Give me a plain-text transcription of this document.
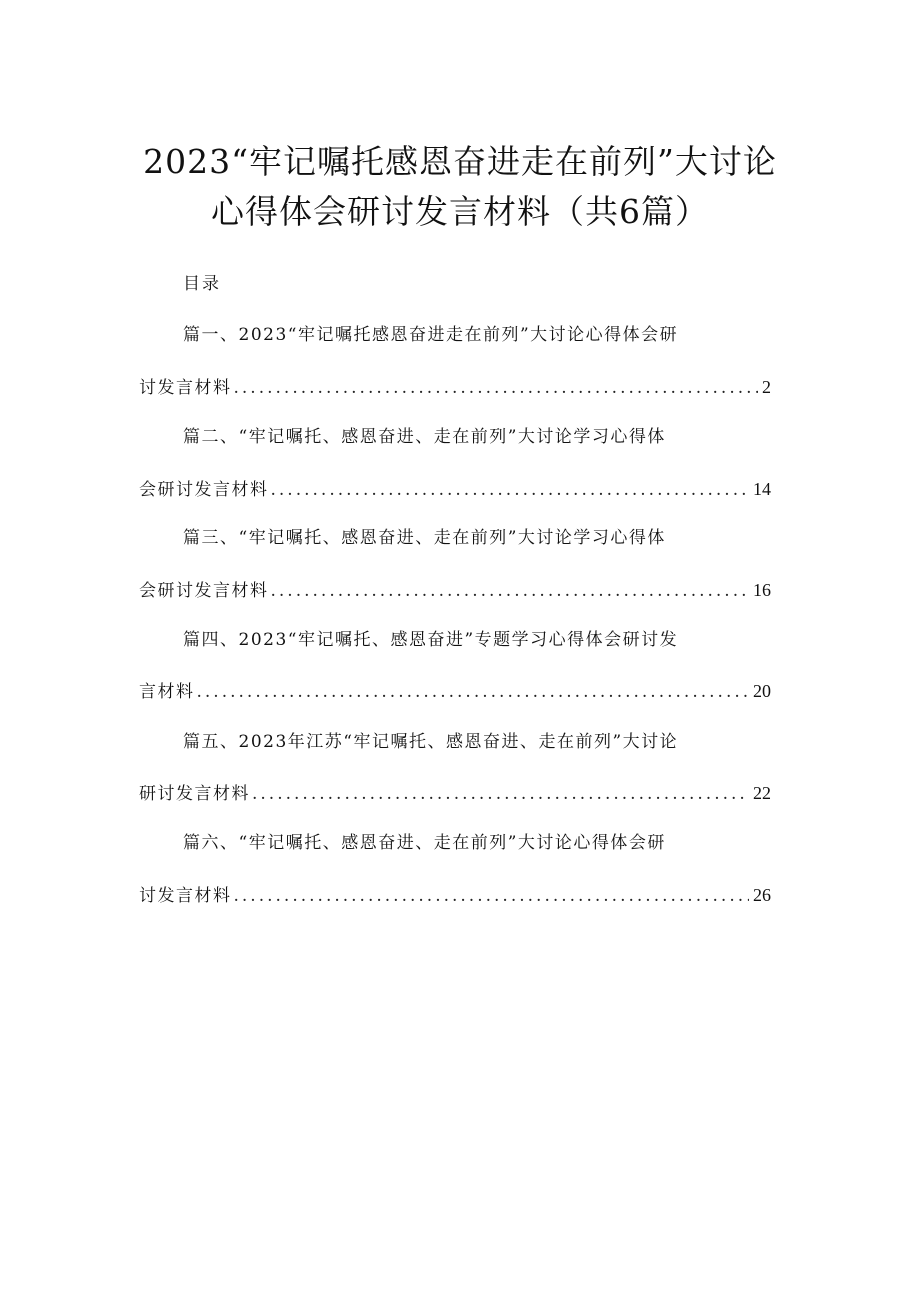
2023“牢记嘱托感恩奋进走在前列”大讨论
心得体会研讨发言材料（共6篇）
目录
篇一、2023“牢记嘱托感恩奋进走在前列”大讨论心得体会研
讨发言材料 .....	2
篇二、“牢记嘱托、感恩奋进、走在前列”大讨论学习心得体
会研讨发言材料 .....	14
篇三、“牢记嘱托、感恩奋进、走在前列”大讨论学习心得体
会研讨发言材料 .....	16
篇四、2023“牢记嘱托、感恩奋进”专题学习心得体会研讨发
言材料 .....	20
篇五、2023年江苏“牢记嘱托、感恩奋进、走在前列”大讨论
研讨发言材料 .....	22
篇六、“牢记嘱托、感恩奋进、走在前列”大讨论心得体会研
讨发言材料 .....	26
